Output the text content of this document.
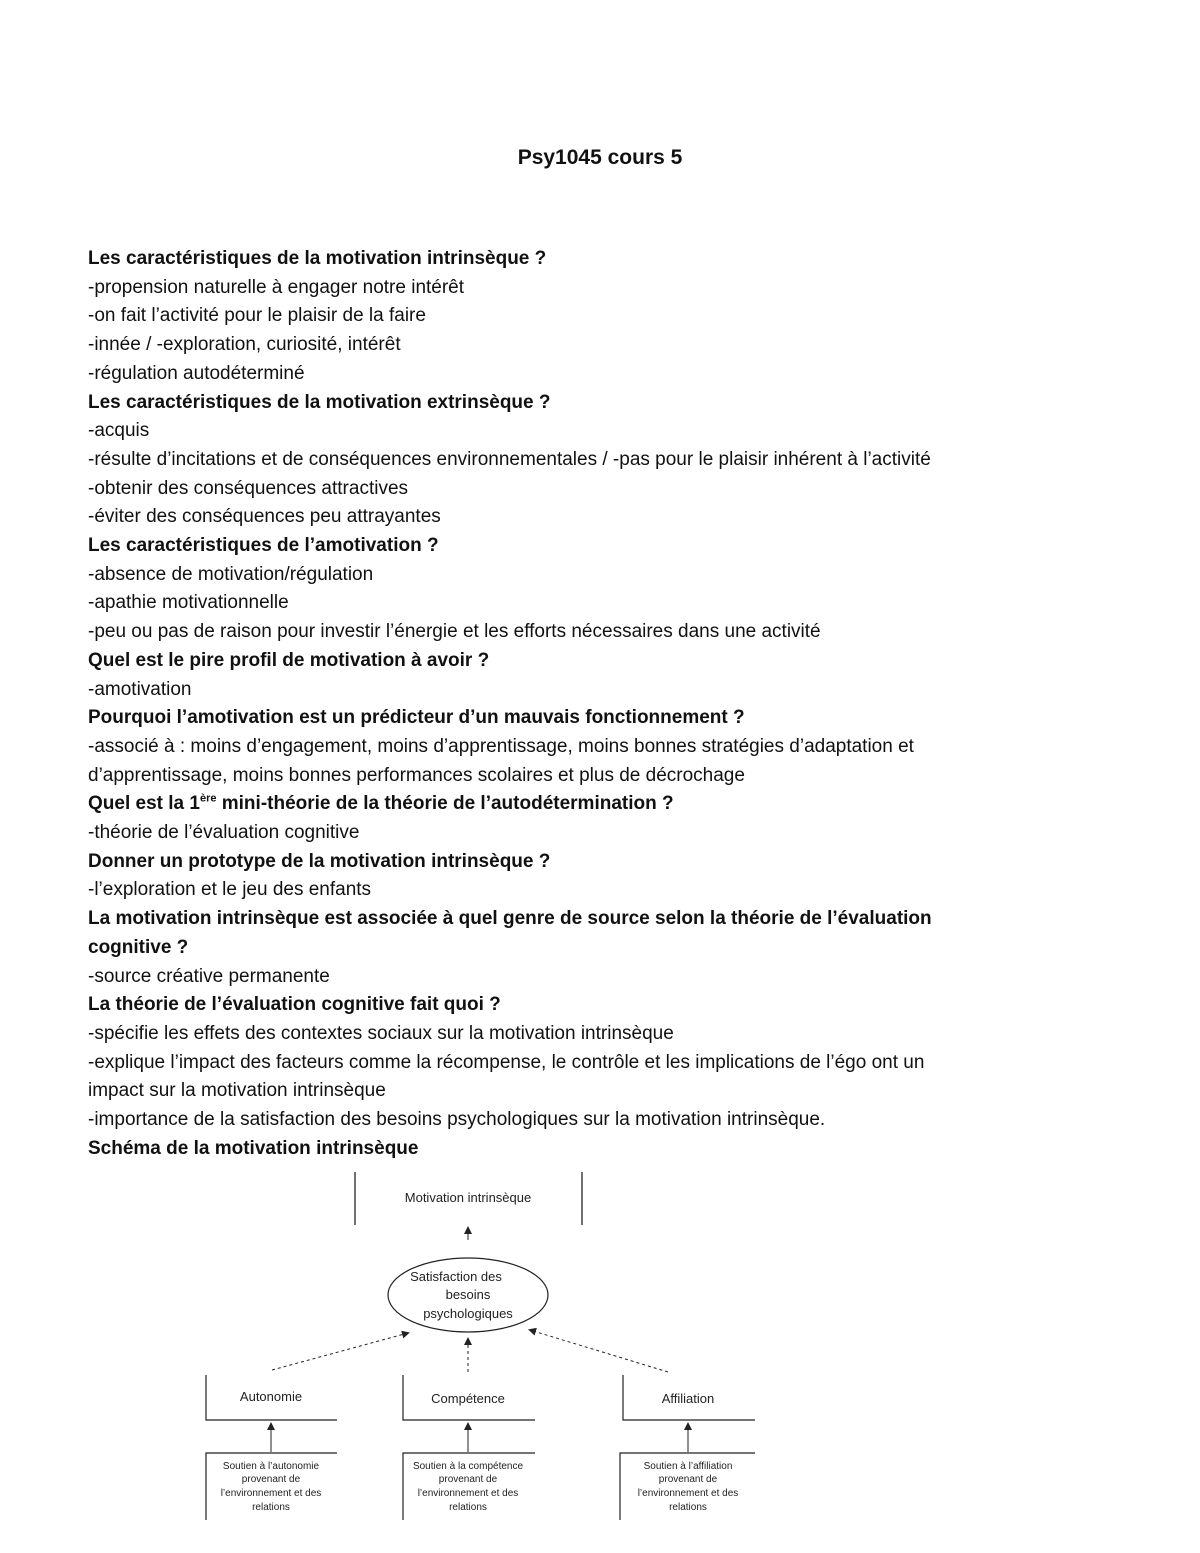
Psy1045 cours 5
Les caractéristiques de la motivation intrinsèque ?
-propension naturelle à engager notre intérêt
-on fait l’activité pour le plaisir de la faire
-innée / -exploration, curiosité, intérêt
-régulation autodéterminé
Les caractéristiques de la motivation extrinsèque ?
-acquis
-résulte d’incitations et de conséquences environnementales / -pas pour le plaisir inhérent à l’activité
-obtenir des conséquences attractives
-éviter des conséquences peu attrayantes
Les caractéristiques de l’amotivation ?
-absence de motivation/régulation
-apathie motivationnelle
-peu ou pas de raison pour investir l’énergie et les efforts nécessaires dans une activité
Quel est le pire profil de motivation à avoir ?
-amotivation
Pourquoi l’amotivation est un prédicteur d’un mauvais fonctionnement ?
-associé à : moins d’engagement, moins d’apprentissage, moins bonnes stratégies d’adaptation et
d’apprentissage, moins bonnes performances scolaires et plus de décrochage
Quel est la 1ère mini-théorie de la théorie de l’autodétermination ?
-théorie de l’évaluation cognitive
Donner un prototype de la motivation intrinsèque ?
-l’exploration et le jeu des enfants
La motivation intrinsèque est associée à quel genre de source selon la théorie de l’évaluation cognitive ?
-source créative permanente
La théorie de l’évaluation cognitive fait quoi ?
-spécifie les effets des contextes sociaux sur la motivation intrinsèque
-explique l’impact des facteurs comme la récompense, le contrôle et les implications de l’égo ont un
impact sur la motivation intrinsèque
-importance de la satisfaction des besoins psychologiques sur la motivation intrinsèque.
Schéma de la motivation intrinsèque
Motivation intrinsèque
Satisfaction des
besoins
psychologiques
Autonomie	Compétence	Affiliation
Soutien à l’autonomie
provenant de
l’environnement et des
relations
Soutien à la compétence
provenant de
l’environnement et des
relations
Soutien à l’affiliation
provenant de
l’environnement et des
relations
